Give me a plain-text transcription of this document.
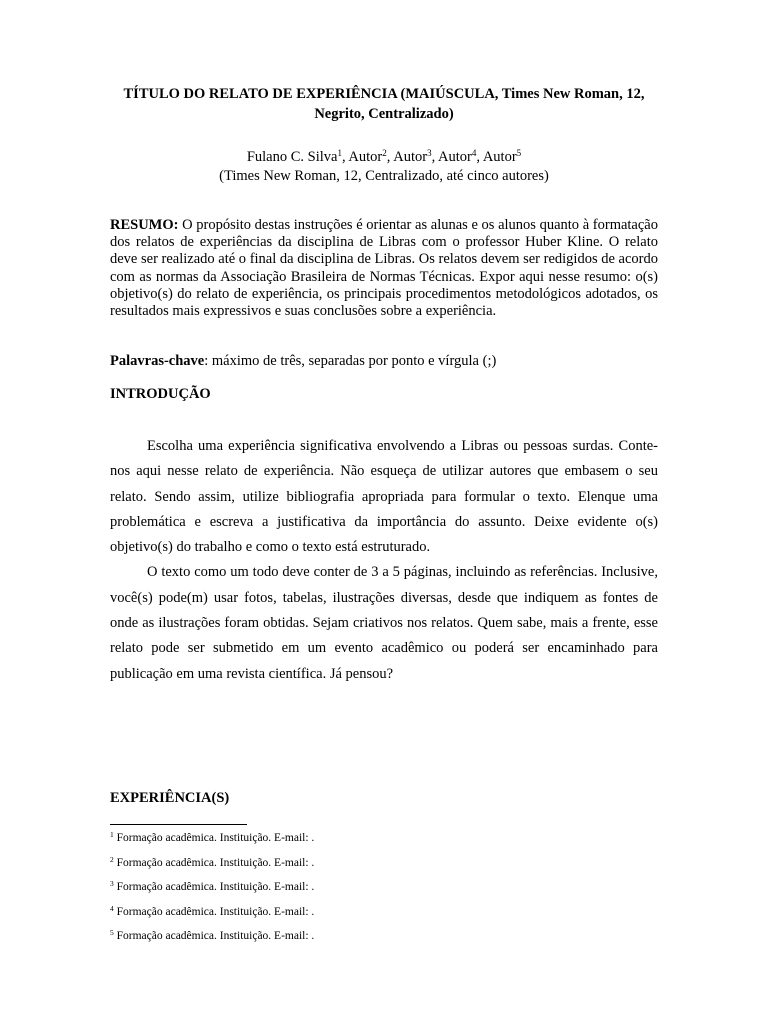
TÍTULO DO RELATO DE EXPERIÊNCIA (MAIÚSCULA, Times New Roman, 12, Negrito, Centralizado)
Fulano C. Silva$^1$, Autor$^2$, Autor$^3$, Autor$^4$, Autor$^5$
(Times New Roman, 12, Centralizado, até cinco autores)
RESUMO: O propósito destas instruções é orientar as alunas e os alunos quanto à formatação dos relatos de experiências da disciplina de Libras com o professor Huber Kline. O relato deve ser realizado até o final da disciplina de Libras. Os relatos devem ser redigidos de acordo com as normas da Associação Brasileira de Normas Técnicas. Expor aqui nesse resumo: o(s) objetivo(s) do relato de experiência, os principais procedimentos metodológicos adotados, os resultados mais expressivos e suas conclusões sobre a experiência.
Palavras-chave: máximo de três, separadas por ponto e vírgula (;)
INTRODUÇÃO

Escolha uma experiência significativa envolvendo a Libras ou pessoas surdas. Conte-nos aqui nesse relato de experiência. Não esqueça de utilizar autores que embasem o seu relato. Sendo assim, utilize bibliografia apropriada para formular o texto. Elenque uma problemática e escreva a justificativa da importância do assunto. Deixe evidente o(s) objetivo(s) do trabalho e como o texto está estruturado.

O texto como um todo deve conter de 3 a 5 páginas, incluindo as referências. Inclusive, você(s) pode(m) usar fotos, tabelas, ilustrações diversas, desde que indiquem as fontes de onde as ilustrações foram obtidas. Sejam criativos nos relatos. Quem sabe, mais a frente, esse relato pode ser submetido em um evento acadêmico ou poderá ser encaminhado para publicação em uma revista científica. Já pensou?

EXPERIÊNCIA(S)
$^1$ Formação acadêmica. Instituição. E-mail: .
$^2$ Formação acadêmica. Instituição. E-mail: .
$^3$ Formação acadêmica. Instituição. E-mail: .
$^4$ Formação acadêmica. Instituição. E-mail: .
$^5$ Formação acadêmica. Instituição. E-mail: .
